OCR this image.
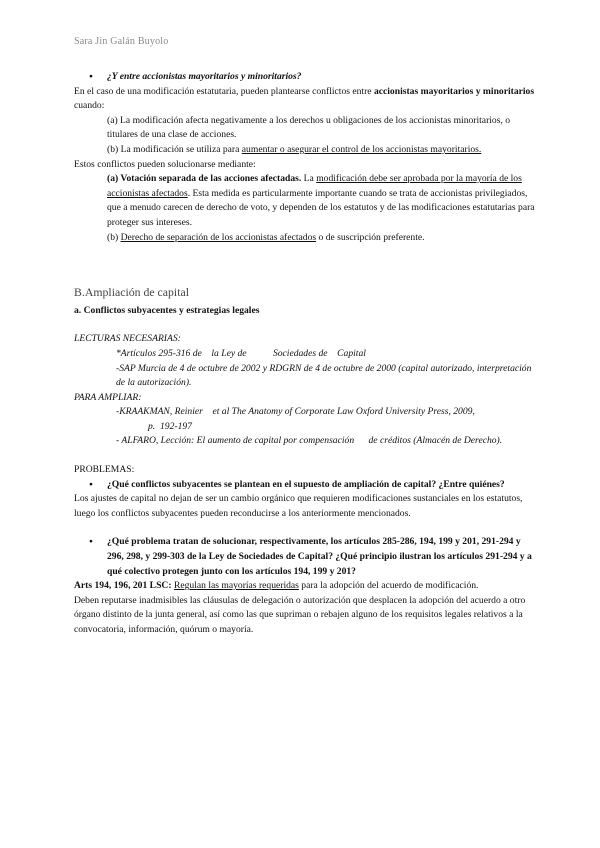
Sara Jin Galán Buyolo

● ¿Y entre accionistas mayoritarios y minoritarios?

En el caso de una modificación estatutaria, pueden plantearse conflictos entre accionistas mayoritarios y minoritarios cuando:

(a) La modificación afecta negativamente a los derechos u obligaciones de los accionistas minoritarios, o titulares de una clase de acciones.

(b) La modificación se utiliza para aumentar o asegurar el control de los accionistas mayoritarios.

Estos conflictos pueden solucionarse mediante:

(a) Votación separada de las acciones afectadas. La modificación debe ser aprobada por la mayoría de los accionistas afectados. Esta medida es particularmente importante cuando se trata de accionistas privilegiados, que a menudo carecen de derecho de voto, y dependen de los estatutos y de las modificaciones estatutarias para proteger sus intereses.

(b) Derecho de separación de los accionistas afectados o de suscripción preferente.

B.Ampliación de capital

a. Conflictos subyacentes y estrategias legales

LECTURAS NECESARIAS:

*Artículos 295-316 de    la Ley de           Sociedades de    Capital

-SAP Murcia de 4 de octubre de 2002 y RDGRN de 4 de octubre de 2000 (capital autorizado, interpretación de la autorización).

PARA AMPLIAR:

-KRAAKMAN, Reinier    et al The Anatomy of Corporate Law Oxford University Press, 2009,

p.  192-197

- ALFARO, Lección: El aumento de capital por compensación      de créditos (Almacén de Derecho).

PROBLEMAS:

● ¿Qué conflictos subyacentes se plantean en el supuesto de ampliación de capital? ¿Entre quiénes?

Los ajustes de capital no dejan de ser un cambio orgánico que requieren modificaciones sustanciales en los estatutos, luego los conflictos subyacentes pueden reconducirse a los anteriormente mencionados.

● ¿Qué problema tratan de solucionar, respectivamente, los artículos 285-286, 194, 199 y 201, 291-294 y 296, 298, y 299-303 de la Ley de Sociedades de Capital? ¿Qué principio ilustran los artículos 291-294 y a qué colectivo protegen junto con los artículos 194, 199 y 201?

Arts 194, 196, 201 LSC: Regulan las mayorías requeridas para la adopción del acuerdo de modificación.

Deben reputarse inadmisibles las cláusulas de delegación o autorización que desplacen la adopción del acuerdo a otro órgano distinto de la junta general, así como las que supriman o rebajen alguno de los requisitos legales relativos a la convocatoria, información, quórum o mayoría.
